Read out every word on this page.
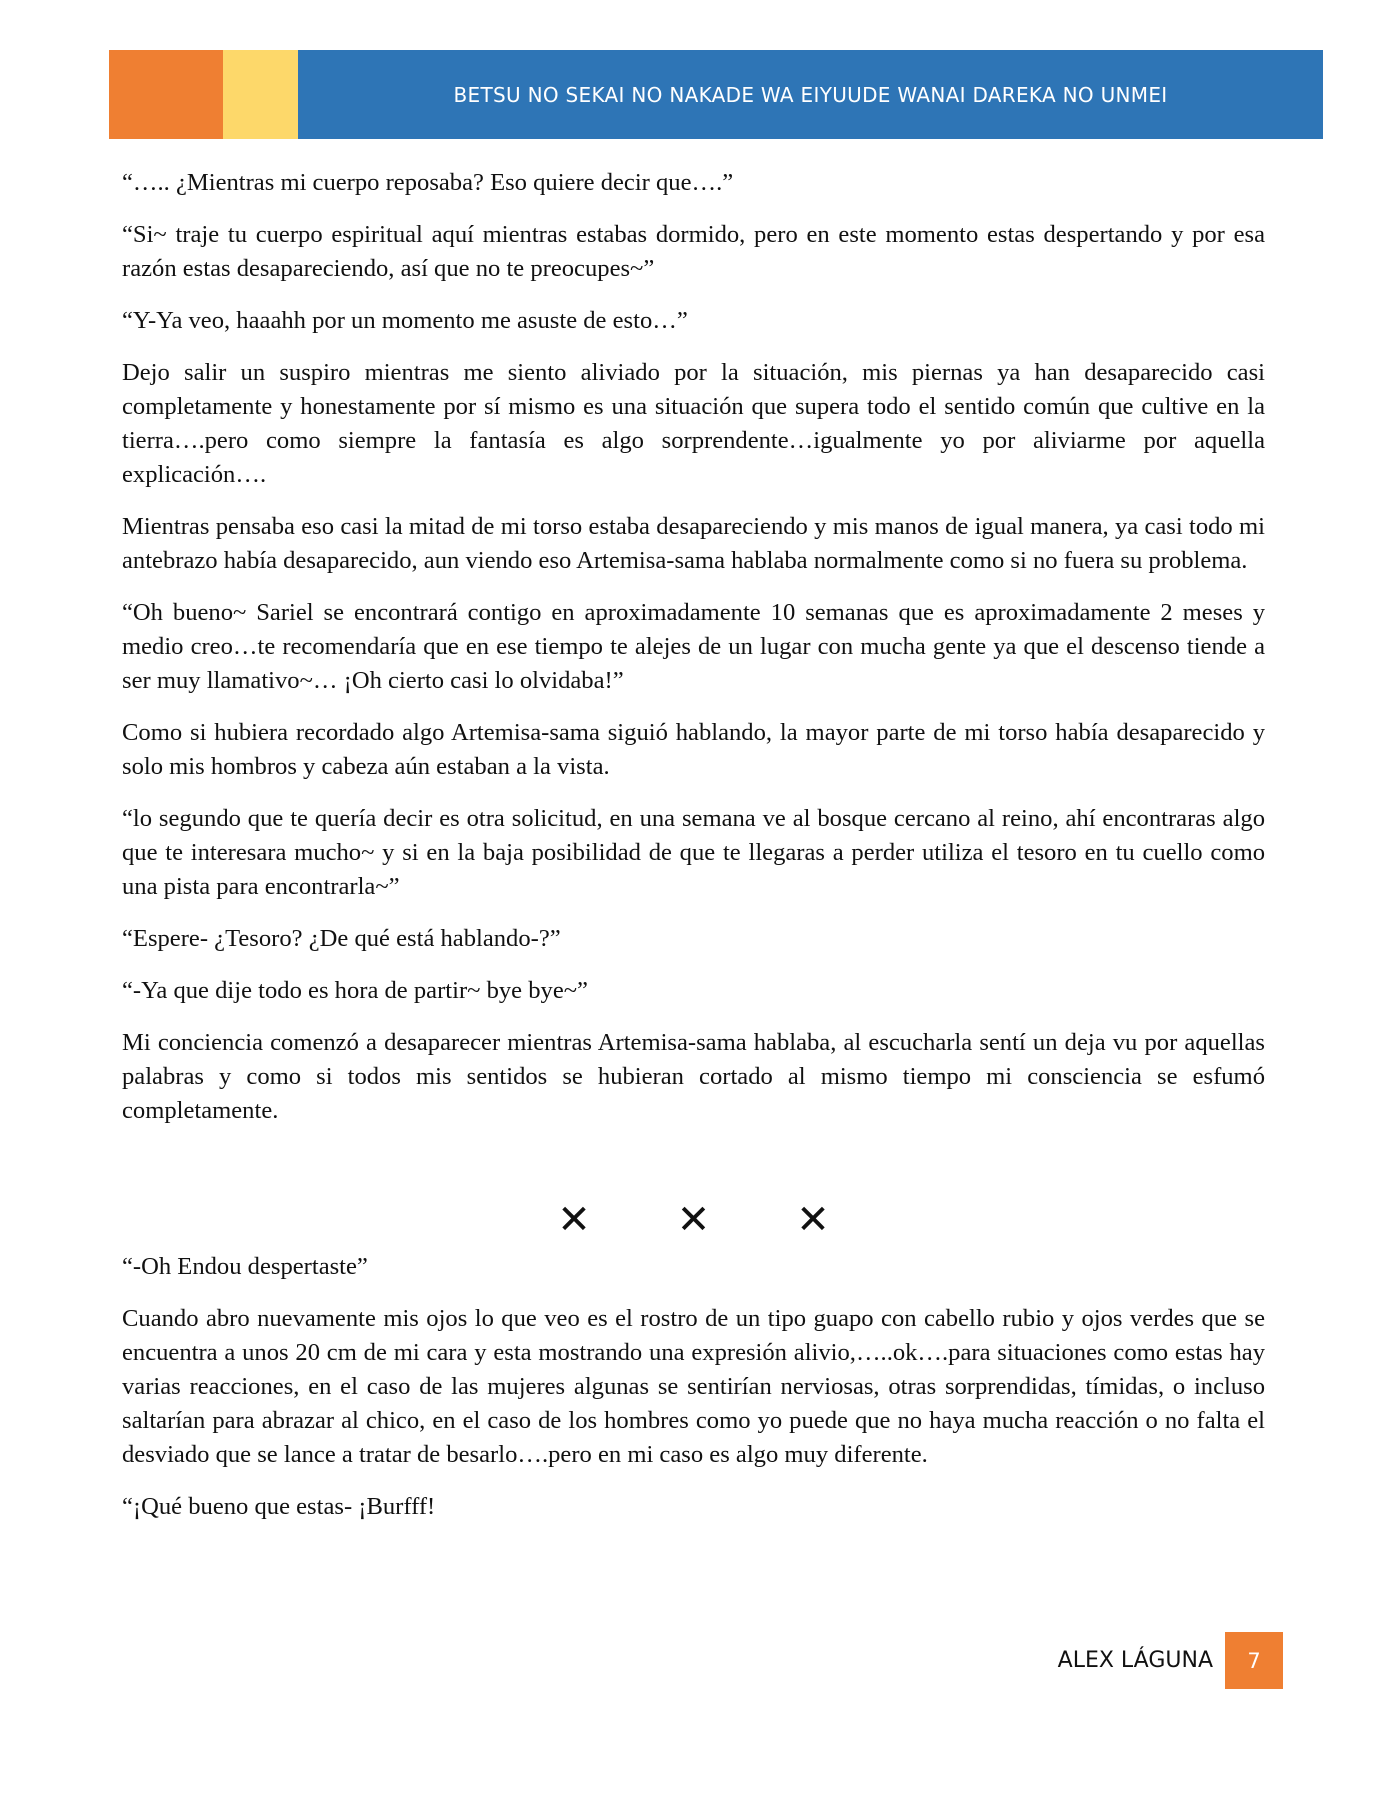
BETSU NO SEKAI NO NAKADE WA EIYUUDE WANAI DAREKA NO UNMEI

“….. ¿Mientras mi cuerpo reposaba? Eso quiere decir que….”

“Si~ traje tu cuerpo espiritual aquí mientras estabas dormido, pero en este momento estas despertando y por esa razón estas desapareciendo, así que no te preocupes~”

“Y-Ya veo, haaahh por un momento me asuste de esto…”

Dejo salir un suspiro mientras me siento aliviado por la situación, mis piernas ya han desaparecido casi completamente y honestamente por sí mismo es una situación que supera todo el sentido común que cultive en la tierra….pero como siempre la fantasía es algo sorprendente…igualmente yo por aliviarme por aquella explicación….

Mientras pensaba eso casi la mitad de mi torso estaba desapareciendo y mis manos de igual manera, ya casi todo mi antebrazo había desaparecido, aun viendo eso Artemisa-sama hablaba normalmente como si no fuera su problema.

“Oh bueno~ Sariel se encontrará contigo en aproximadamente 10 semanas que es aproximadamente 2 meses y medio creo…te recomendaría que en ese tiempo te alejes de un lugar con mucha gente ya que el descenso tiende a ser muy llamativo~… ¡Oh cierto casi lo olvidaba!”

Como si hubiera recordado algo Artemisa-sama siguió hablando, la mayor parte de mi torso había desaparecido y solo mis hombros y cabeza aún estaban a la vista.

“lo segundo que te quería decir es otra solicitud, en una semana ve al bosque cercano al reino, ahí encontraras algo que te interesara mucho~ y si en la baja posibilidad de que te llegaras a perder utiliza el tesoro en tu cuello como una pista para encontrarla~”

“Espere- ¿Tesoro? ¿De qué está hablando-?”

“-Ya que dije todo es hora de partir~ bye bye~”

Mi conciencia comenzó a desaparecer mientras Artemisa-sama hablaba, al escucharla sentí un deja vu por aquellas palabras y como si todos mis sentidos se hubieran cortado al mismo tiempo mi consciencia se esfumó completamente.

✕ ✕ ✕

“-Oh Endou despertaste”

Cuando abro nuevamente mis ojos lo que veo es el rostro de un tipo guapo con cabello rubio y ojos verdes que se encuentra a unos 20 cm de mi cara y esta mostrando una expresión alivio,…..ok….para situaciones como estas hay varias reacciones, en el caso de las mujeres algunas se sentirían nerviosas, otras sorprendidas, tímidas, o incluso saltarían para abrazar al chico, en el caso de los hombres como yo puede que no haya mucha reacción o no falta el desviado que se lance a tratar de besarlo….pero en mi caso es algo muy diferente.

“¡Qué bueno que estas- ¡Burfff!

ALEX LÁGUNA	7
